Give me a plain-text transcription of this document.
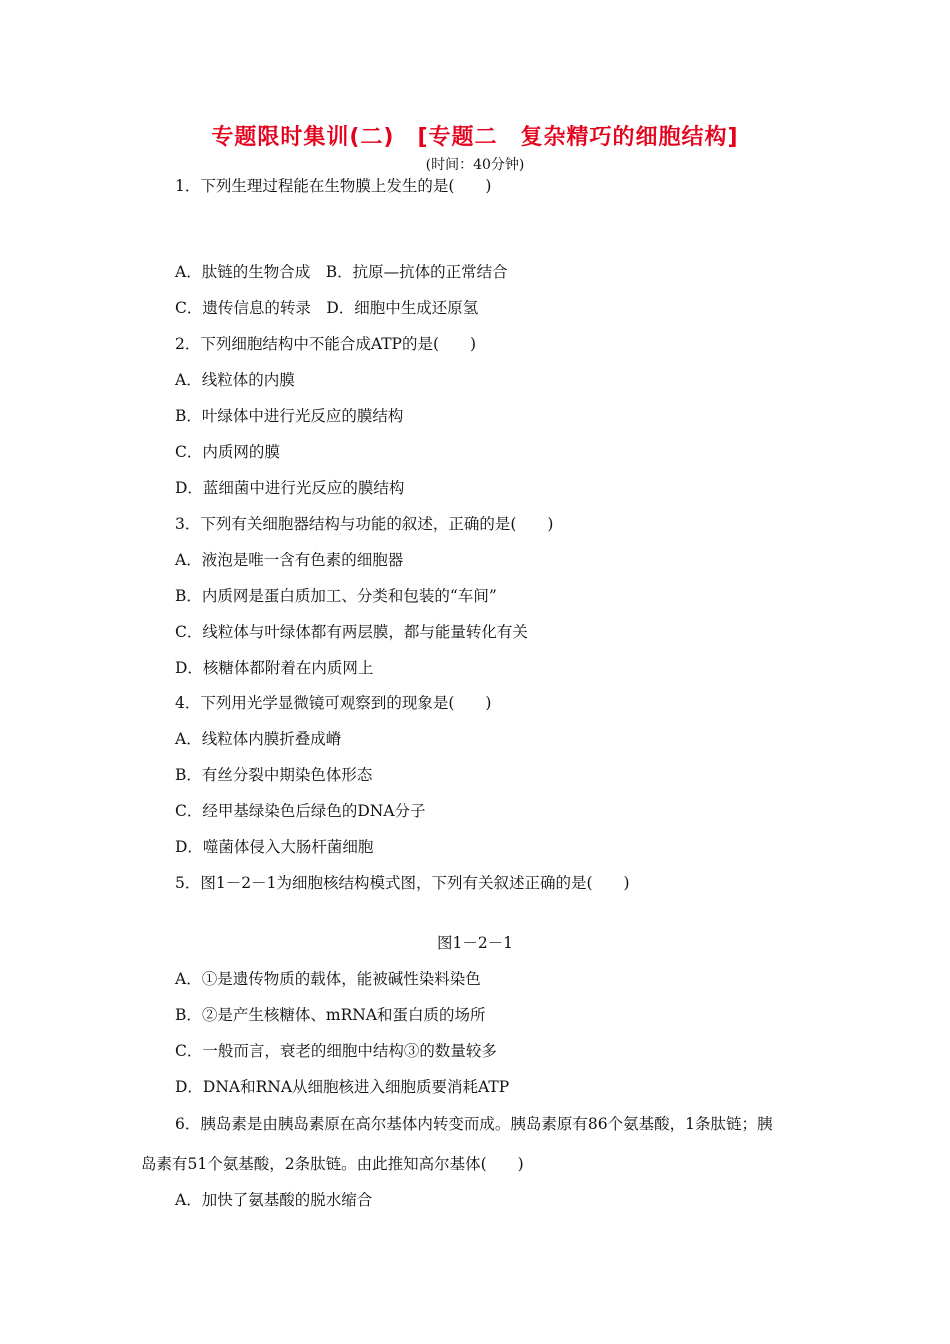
专题限时集训(二)　[专题二　复杂精巧的细胞结构]
(时间：40分钟)
1．下列生理过程能在生物膜上发生的是(　　)
A．肽链的生物合成　B．抗原—抗体的正常结合
C．遗传信息的转录　D．细胞中生成还原氢
2．下列细胞结构中不能合成ATP的是(　　)
A．线粒体的内膜
B．叶绿体中进行光反应的膜结构
C．内质网的膜
D．蓝细菌中进行光反应的膜结构
3．下列有关细胞器结构与功能的叙述，正确的是(　　)
A．液泡是唯一含有色素的细胞器
B．内质网是蛋白质加工、分类和包装的“车间”
C．线粒体与叶绿体都有两层膜，都与能量转化有关
D．核糖体都附着在内质网上
4．下列用光学显微镜可观察到的现象是(　　)
A．线粒体内膜折叠成嵴
B．有丝分裂中期染色体形态
C．经甲基绿染色后绿色的DNA分子
D．噬菌体侵入大肠杆菌细胞
5．图1－2－1为细胞核结构模式图，下列有关叙述正确的是(　　)
图1－2－1
A．①是遗传物质的载体，能被碱性染料染色
B．②是产生核糖体、mRNA和蛋白质的场所
C．一般而言，衰老的细胞中结构③的数量较多
D．DNA和RNA从细胞核进入细胞质要消耗ATP
6．胰岛素是由胰岛素原在高尔基体内转变而成。胰岛素原有86个氨基酸，1条肽链；胰
岛素有51个氨基酸，2条肽链。由此推知高尔基体(　　)
A．加快了氨基酸的脱水缩合
